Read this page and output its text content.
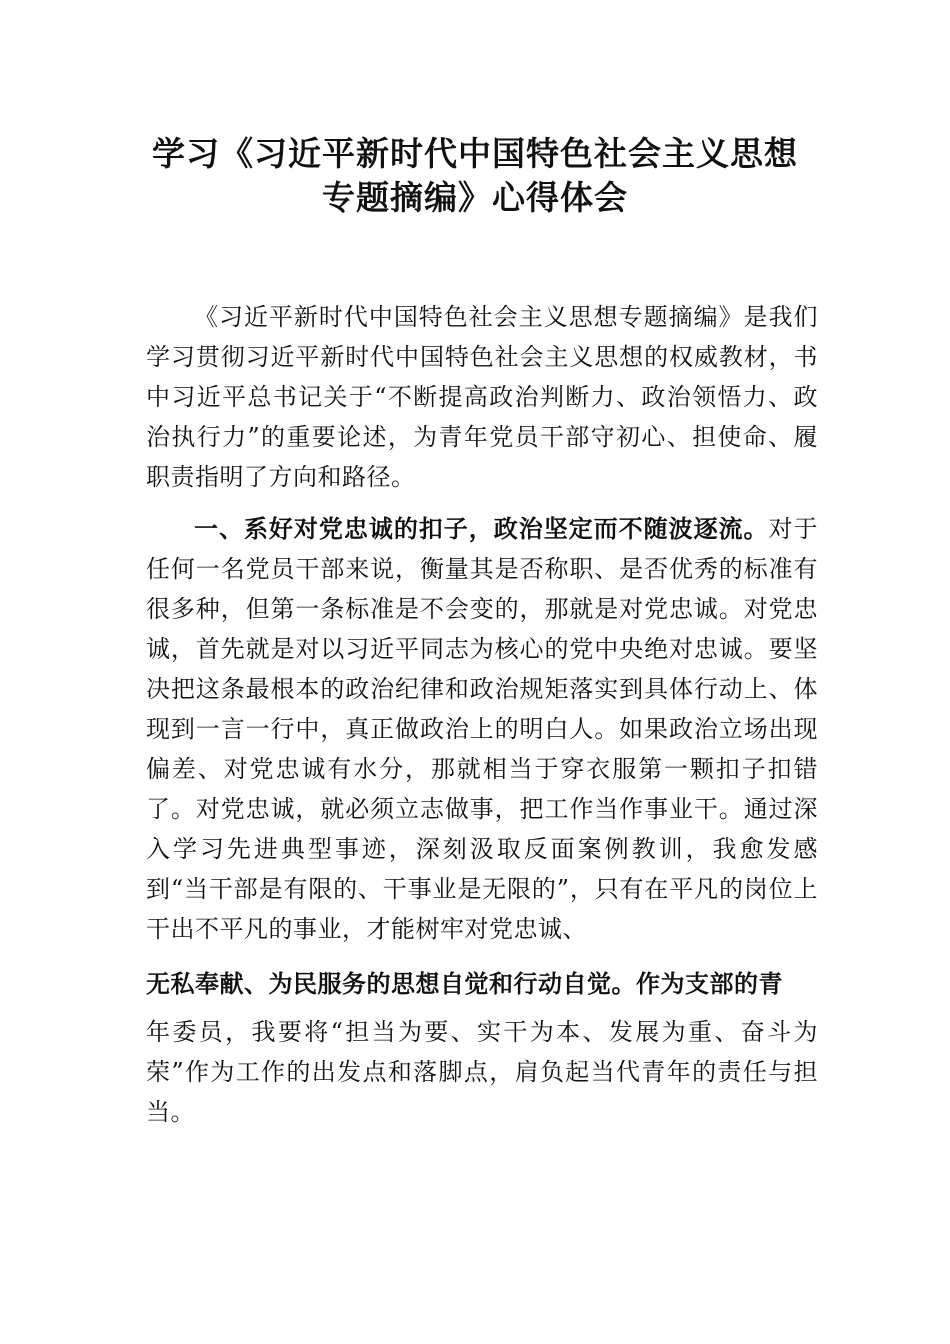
学习《习近平新时代中国特色社会主义思想
专题摘编》心得体会

《习近平新时代中国特色社会主义思想专题摘编》是我们学习贯彻习近平新时代中国特色社会主义思想的权威教材，书中习近平总书记关于“不断提高政治判断力、政治领悟力、政治执行力”的重要论述，为青年党员干部守初心、担使命、履职责指明了方向和路径。

一、系好对党忠诚的扣子，政治坚定而不随波逐流。对于任何一名党员干部来说，衡量其是否称职、是否优秀的标准有很多种，但第一条标准是不会变的，那就是对党忠诚。对党忠诚，首先就是对以习近平同志为核心的党中央绝对忠诚。要坚决把这条最根本的政治纪律和政治规矩落实到具体行动上、体现到一言一行中，真正做政治上的明白人。如果政治立场出现偏差、对党忠诚有水分，那就相当于穿衣服第一颗扣子扣错了。对党忠诚，就必须立志做事，把工作当作事业干。通过深入学习先进典型事迹，深刻汲取反面案例教训，我愈发感到“当干部是有限的、干事业是无限的”，只有在平凡的岗位上干出不平凡的事业，才能树牢对党忠诚、

无私奉献、为民服务的思想自觉和行动自觉。作为支部的青

年委员，我要将“担当为要、实干为本、发展为重、奋斗为荣”作为工作的出发点和落脚点，肩负起当代青年的责任与担当。
